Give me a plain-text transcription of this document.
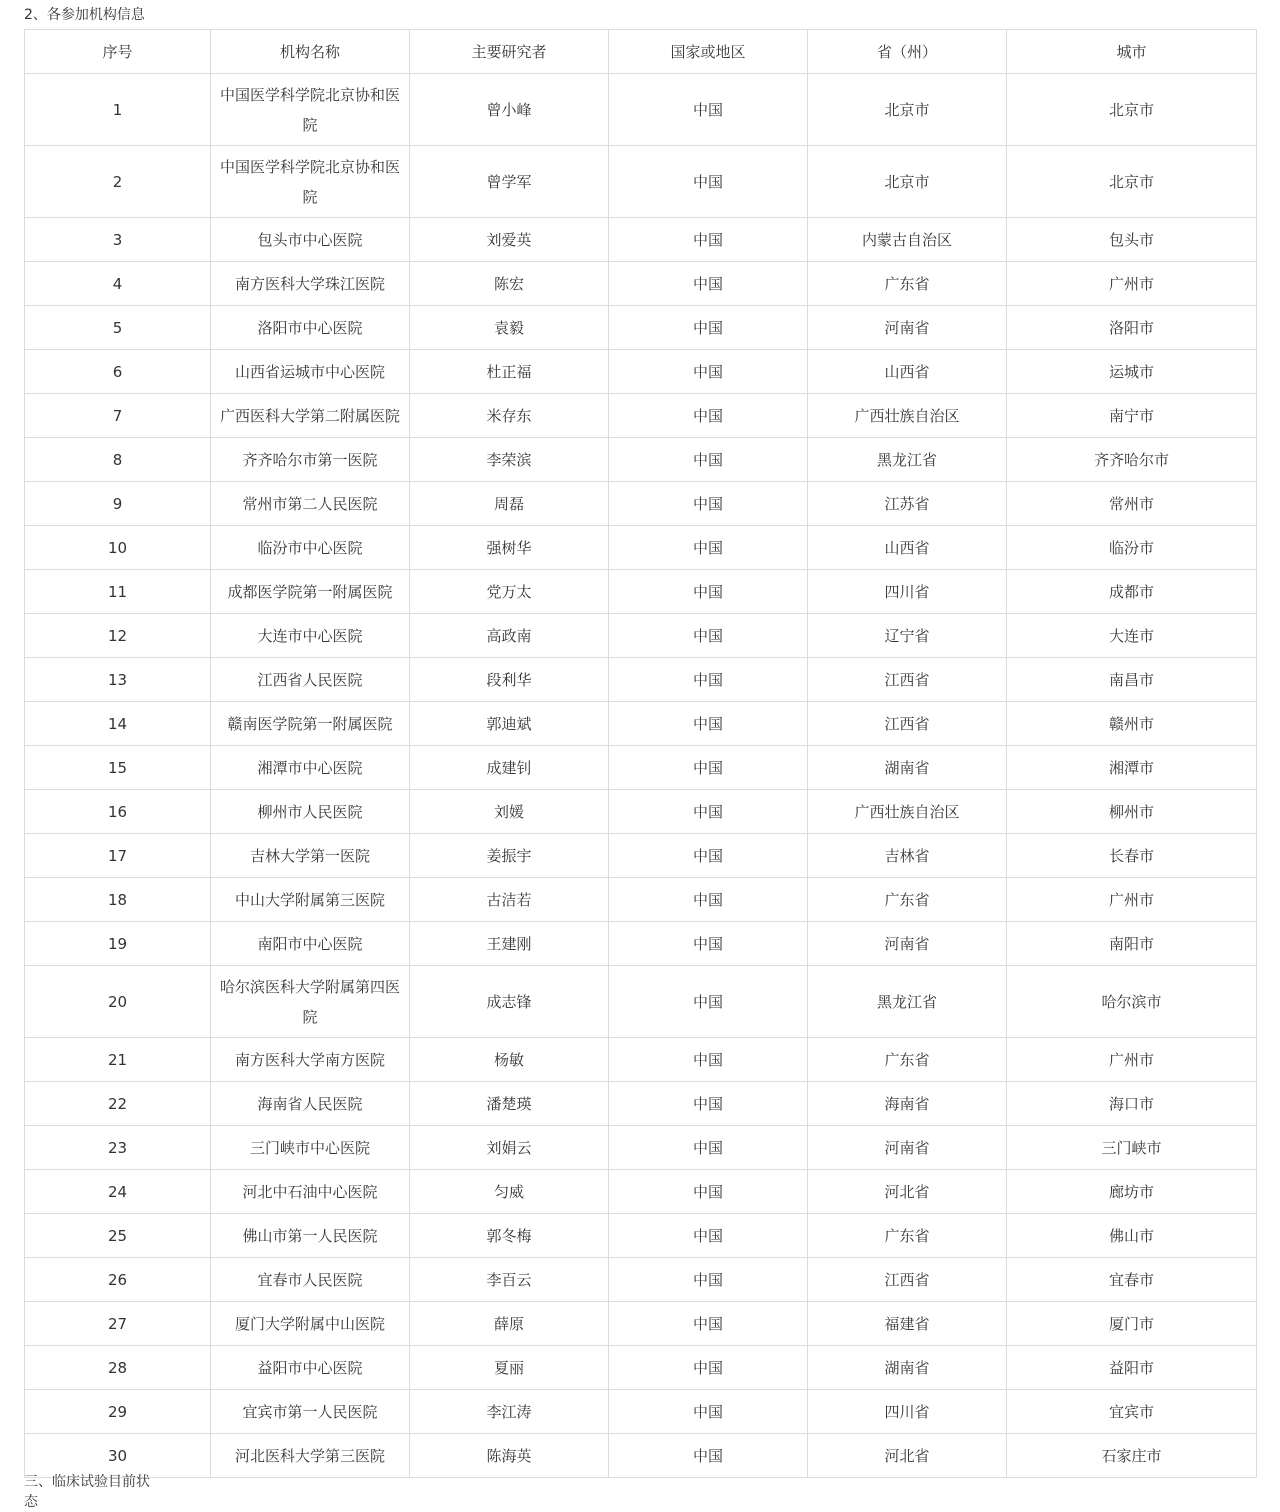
2、各参加机构信息
序号	机构名称	主要研究者	国家或地区	省（州）	城市
1	中国医学科学院北京协和医院	曾小峰	中国	北京市	北京市
2	中国医学科学院北京协和医院	曾学军	中国	北京市	北京市
3	包头市中心医院	刘爱英	中国	内蒙古自治区	包头市
4	南方医科大学珠江医院	陈宏	中国	广东省	广州市
5	洛阳市中心医院	袁毅	中国	河南省	洛阳市
6	山西省运城市中心医院	杜正福	中国	山西省	运城市
7	广西医科大学第二附属医院	米存东	中国	广西壮族自治区	南宁市
8	齐齐哈尔市第一医院	李荣滨	中国	黑龙江省	齐齐哈尔市
9	常州市第二人民医院	周磊	中国	江苏省	常州市
10	临汾市中心医院	强树华	中国	山西省	临汾市
11	成都医学院第一附属医院	党万太	中国	四川省	成都市
12	大连市中心医院	高政南	中国	辽宁省	大连市
13	江西省人民医院	段利华	中国	江西省	南昌市
14	赣南医学院第一附属医院	郭迪斌	中国	江西省	赣州市
15	湘潭市中心医院	成建钊	中国	湖南省	湘潭市
16	柳州市人民医院	刘媛	中国	广西壮族自治区	柳州市
17	吉林大学第一医院	姜振宇	中国	吉林省	长春市
18	中山大学附属第三医院	古洁若	中国	广东省	广州市
19	南阳市中心医院	王建刚	中国	河南省	南阳市
20	哈尔滨医科大学附属第四医院	成志锋	中国	黑龙江省	哈尔滨市
21	南方医科大学南方医院	杨敏	中国	广东省	广州市
22	海南省人民医院	潘楚瑛	中国	海南省	海口市
23	三门峡市中心医院	刘娟云	中国	河南省	三门峡市
24	河北中石油中心医院	匀威	中国	河北省	廊坊市
25	佛山市第一人民医院	郭冬梅	中国	广东省	佛山市
26	宜春市人民医院	李百云	中国	江西省	宜春市
27	厦门大学附属中山医院	薛原	中国	福建省	厦门市
28	益阳市中心医院	夏丽	中国	湖南省	益阳市
29	宜宾市第一人民医院	李江涛	中国	四川省	宜宾市
30	河北医科大学第三医院	陈海英	中国	河北省	石家庄市
三、临床试验目前状态
